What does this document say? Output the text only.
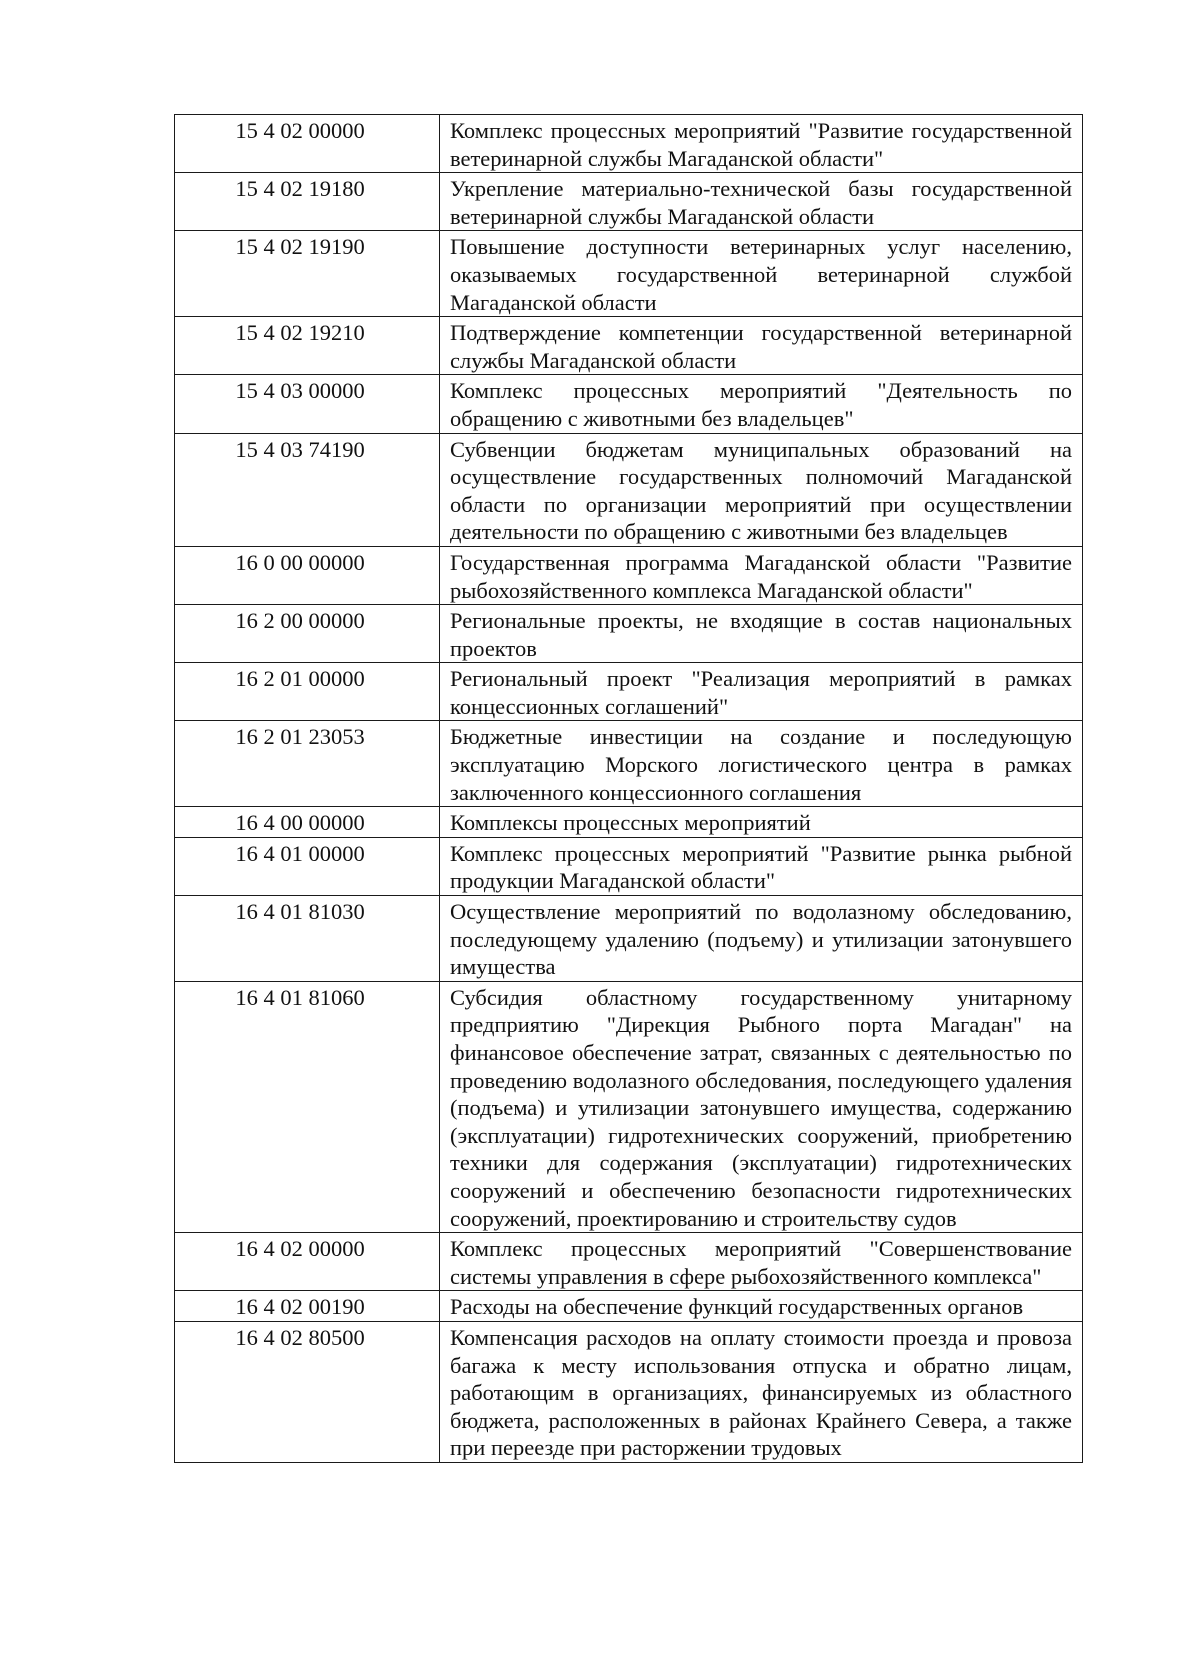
15 4 02 00000	Комплекс процессных мероприятий "Развитие государственной ветеринарной службы Магаданской области"
15 4 02 19180	Укрепление материально-технической базы государственной ветеринарной службы Магаданской области
15 4 02 19190	Повышение доступности ветеринарных услуг населению, оказываемых государственной ветеринарной службой Магаданской области
15 4 02 19210	Подтверждение компетенции государственной ветеринарной службы Магаданской области
15 4 03 00000	Комплекс процессных мероприятий "Деятельность по обращению с животными без владельцев"
15 4 03 74190	Субвенции бюджетам муниципальных образований на осуществление государственных полномочий Магаданской области по организации мероприятий при осуществлении деятельности по обращению с животными без владельцев
16 0 00 00000	Государственная программа Магаданской области "Развитие рыбохозяйственного комплекса Магаданской области"
16 2 00 00000	Региональные проекты, не входящие в состав национальных проектов
16 2 01 00000	Региональный проект "Реализация мероприятий в рамках концессионных соглашений"
16 2 01 23053	Бюджетные инвестиции на создание и последующую эксплуатацию Морского логистического центра в рамках заключенного концессионного соглашения
16 4 00 00000	Комплексы процессных мероприятий
16 4 01 00000	Комплекс процессных мероприятий "Развитие рынка рыбной продукции Магаданской области"
16 4 01 81030	Осуществление мероприятий по водолазному обследованию, последующему удалению (подъему) и утилизации затонувшего имущества
16 4 01 81060	Субсидия областному государственному унитарному предприятию "Дирекция Рыбного порта Магадан" на финансовое обеспечение затрат, связанных с деятельностью по проведению водолазного обследования, последующего удаления (подъема) и утилизации затонувшего имущества, содержанию (эксплуатации) гидротехнических сооружений, приобретению техники для содержания (эксплуатации) гидротехнических сооружений и обеспечению безопасности гидротехнических сооружений, проектированию и строительству судов
16 4 02 00000	Комплекс процессных мероприятий "Совершенствование системы управления в сфере рыбохозяйственного комплекса"
16 4 02 00190	Расходы на обеспечение функций государственных органов
16 4 02 80500	Компенсация расходов на оплату стоимости проезда и провоза багажа к месту использования отпуска и обратно лицам, работающим в организациях, финансируемых из областного бюджета, расположенных в районах Крайнего Севера, а также при переезде при расторжении трудовых
